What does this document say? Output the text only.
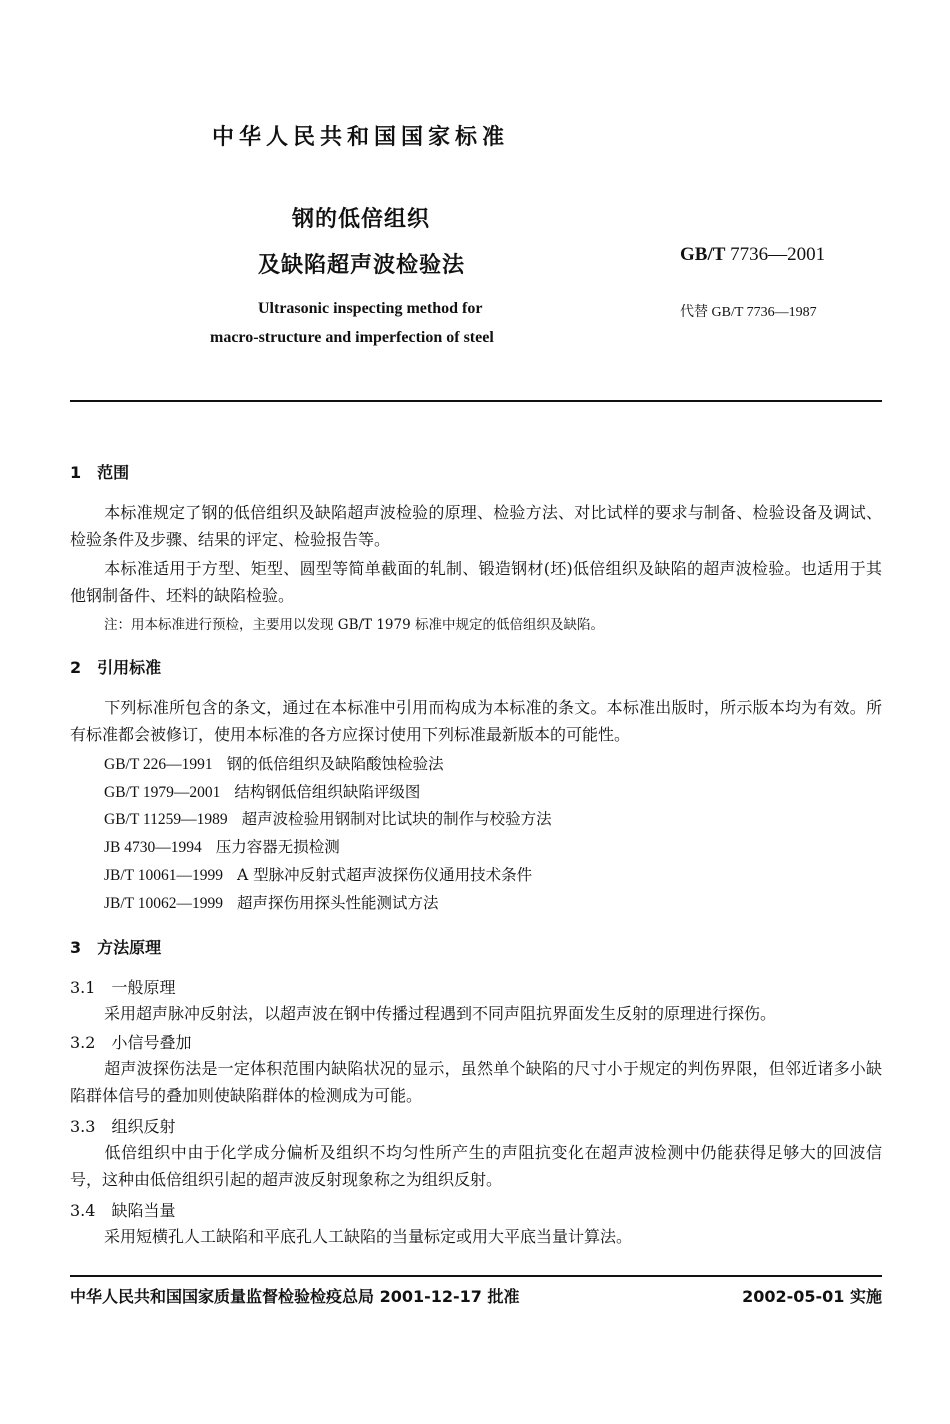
中华人民共和国国家标准
钢的低倍组织
及缺陷超声波检验法	GB/T 7736—2001
Ultrasonic inspecting method for
macro-structure and imperfection of steel
代替 GB/T 7736—1987
1　范围
本标准规定了钢的低倍组织及缺陷超声波检验的原理、检验方法、对比试样的要求与制备、检验设备及调试、检验条件及步骤、结果的评定、检验报告等。
本标准适用于方型、矩型、圆型等简单截面的轧制、锻造钢材(坯)低倍组织及缺陷的超声波检验。也适用于其他钢制备件、坯料的缺陷检验。
注：用本标准进行预检，主要用以发现 GB/T 1979 标准中规定的低倍组织及缺陷。
2　引用标准
下列标准所包含的条文，通过在本标准中引用而构成为本标准的条文。本标准出版时，所示版本均为有效。所有标准都会被修订，使用本标准的各方应探讨使用下列标准最新版本的可能性。
GB/T 226—1991 钢的低倍组织及缺陷酸蚀检验法
GB/T 1979—2001 结构钢低倍组织缺陷评级图
GB/T 11259—1989 超声波检验用钢制对比试块的制作与校验方法
JB 4730—1994 压力容器无损检测
JB/T 10061—1999 A 型脉冲反射式超声波探伤仪通用技术条件
JB/T 10062—1999 超声探伤用探头性能测试方法
3　方法原理
3.1　一般原理
采用超声脉冲反射法，以超声波在钢中传播过程遇到不同声阻抗界面发生反射的原理进行探伤。
3.2　小信号叠加
超声波探伤法是一定体积范围内缺陷状况的显示，虽然单个缺陷的尺寸小于规定的判伤界限，但邻近诸多小缺陷群体信号的叠加则使缺陷群体的检测成为可能。
3.3　组织反射
低倍组织中由于化学成分偏析及组织不均匀性所产生的声阻抗变化在超声波检测中仍能获得足够大的回波信号，这种由低倍组织引起的超声波反射现象称之为组织反射。
3.4　缺陷当量
采用短横孔人工缺陷和平底孔人工缺陷的当量标定或用大平底当量计算法。
中华人民共和国国家质量监督检验检疫总局 2001-12-17 批准	2002-05-01 实施
